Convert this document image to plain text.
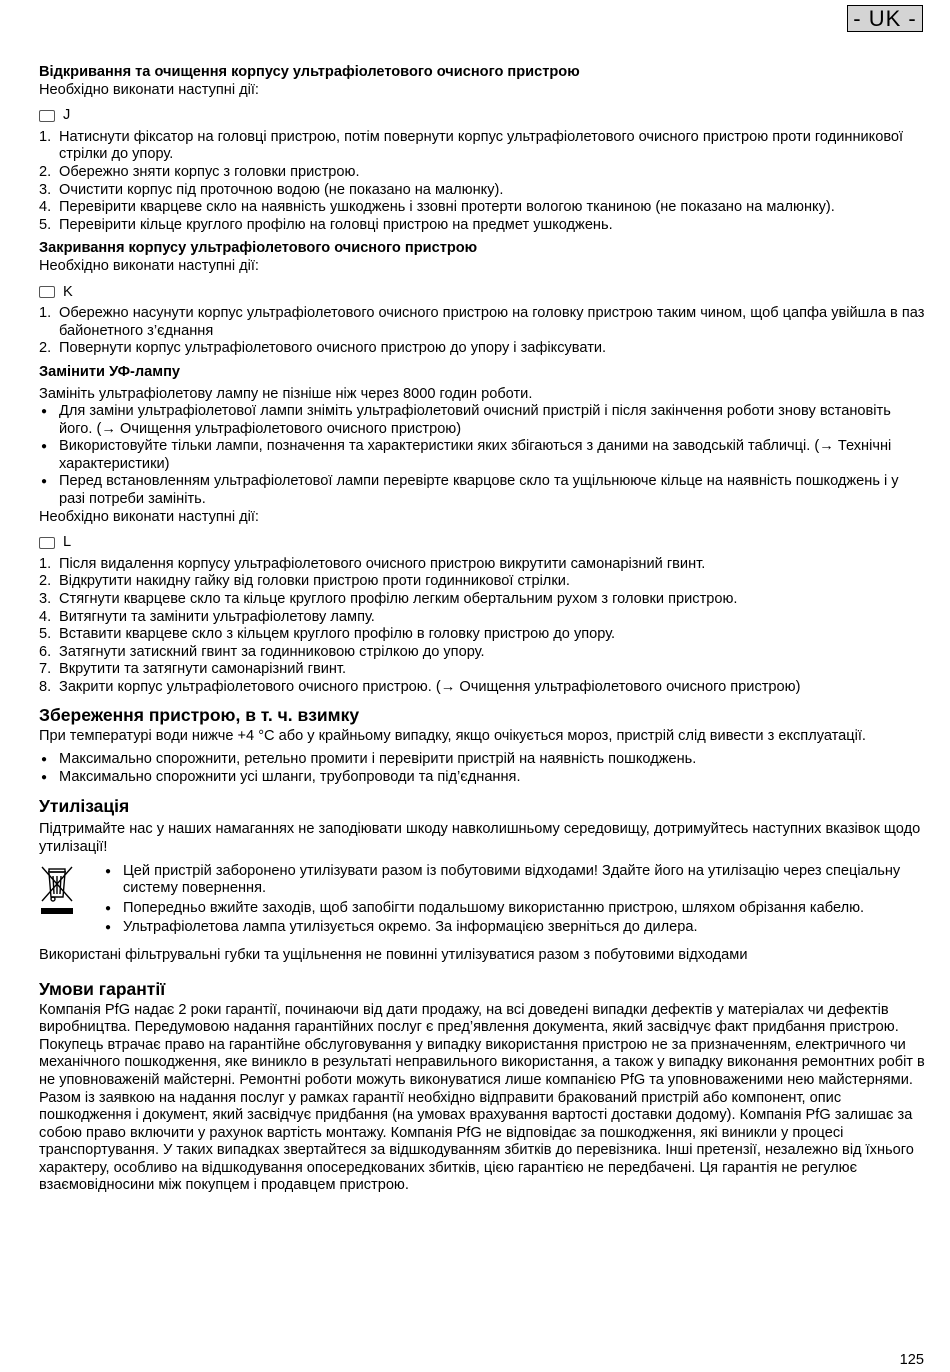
- UK -
Відкривання та очищення корпусу ультрафіолетового очисного пристрою
Необхідно виконати наступні дії:
J
1. Натиснути фіксатор на головці пристрою, потім повернути корпус ультрафіолетового очисного пристрою проти годинникової стрілки до упору.
2. Обережно зняти корпус з головки пристрою.
3. Очистити корпус під проточною водою (не показано на малюнку).
4. Перевірити кварцеве скло на наявність ушкоджень і ззовні протерти вологою тканиною (не показано на малюнку).
5. Перевірити кільце круглого профілю на головці пристрою на предмет ушкоджень.
Закривання корпусу ультрафіолетового очисного пристрою
Необхідно виконати наступні дії:
K
1. Обережно насунути корпус ультрафіолетового очисного пристрою на головку пристрою таким чином, щоб цапфа увійшла в паз байонетного з’єднання
2. Повернути корпус ультрафіолетового очисного пристрою до упору і зафіксувати.
Замінити УФ-лампу
Замініть ультрафіолетову лампу не пізніше ніж через 8000 годин роботи.
● Для заміни ультрафіолетової лампи зніміть ультрафіолетовий очисний пристрій і після закінчення роботи знову встановіть його. (→ Очищення ультрафіолетового очисного пристрою)
● Використовуйте тільки лампи, позначення та характеристики яких збігаються з даними на заводській табличці. (→ Технічні характеристики)
● Перед встановленням ультрафіолетової лампи перевірте кварцове скло та ущільнююче кільце на наявність пошкоджень і у разі потреби замініть.
Необхідно виконати наступні дії:
L
1. Після видалення корпусу ультрафіолетового очисного пристрою викрутити самонарізний гвинт.
2. Відкрутити накидну гайку від головки пристрою проти годинникової стрілки.
3. Стягнути кварцеве скло та кільце круглого профілю легким обертальним рухом з головки пристрою.
4. Витягнути та замінити ультрафіолетову лампу.
5. Вставити кварцеве скло з кільцем круглого профілю в головку пристрою до упору.
6. Затягнути затискний гвинт за годинниковою стрілкою до упору.
7. Вкрутити та затягнути самонарізний гвинт.
8. Закрити корпус ультрафіолетового очисного пристрою. (→ Очищення ультрафіолетового очисного пристрою)
Збереження пристрою, в т. ч. взимку
При температурі води нижче +4 °С або у крайньому випадку, якщо очікується мороз, пристрій слід вивести з експлуатації.
● Максимально спорожнити, ретельно промити і перевірити пристрій на наявність пошкоджень.
● Максимально спорожнити усі шланги, трубопроводи та під’єднання.
Утилізація
Підтримайте нас у наших намаганнях не заподіювати шкоду навколишньому середовищу, дотримуйтесь наступних вказівок щодо утилізації!
● Цей пристрій заборонено утилізувати разом із побутовими відходами! Здайте його на утилізацію через спеціальну систему повернення.
● Попередньо вжийте заходів, щоб запобігти подальшому використанню пристрою, шляхом обрізання кабелю.
● Ультрафіолетова лампа утилізується окремо. За інформацією зверніться до дилера.
Використані фільтрувальні губки та ущільнення не повинні утилізуватися разом з побутовими відходами
Умови гарантії
Компанія PfG надає 2 роки гарантії, починаючи від дати продажу, на всі доведені випадки дефектів у матеріалах чи дефектів виробництва. Передумовою надання гарантійних послуг є пред’явлення документа, який засвідчує факт придбання пристрою. Покупець втрачає право на гарантійне обслуговування у випадку використання пристрою не за призначенням, електричного чи механічного пошкодження, яке виникло в результаті неправильного використання, а також у випадку виконання ремонтних робіт в не уповноваженій майстерні. Ремонтні роботи можуть виконуватися лише компанією PfG та уповноваженими нею майстернями. Разом із заявкою на надання послуг у рамках гарантії необхідно відправити бракований пристрій або компонент, опис пошкодження і документ, який засвідчує придбання (на умовах врахування вартості доставки додому). Компанія PfG залишає за собою право включити у рахунок вартість монтажу. Компанія PfG не відповідає за пошкодження, які виникли у процесі транспортування. У таких випадках звертайтеся за відшкодуванням збитків до перевізника. Інші претензії, незалежно від їхнього характеру, особливо на відшкодування опосередкованих збитків, цією гарантією не передбачені. Ця гарантія не регулює взаємовідносини між покупцем і продавцем пристрою.
125
